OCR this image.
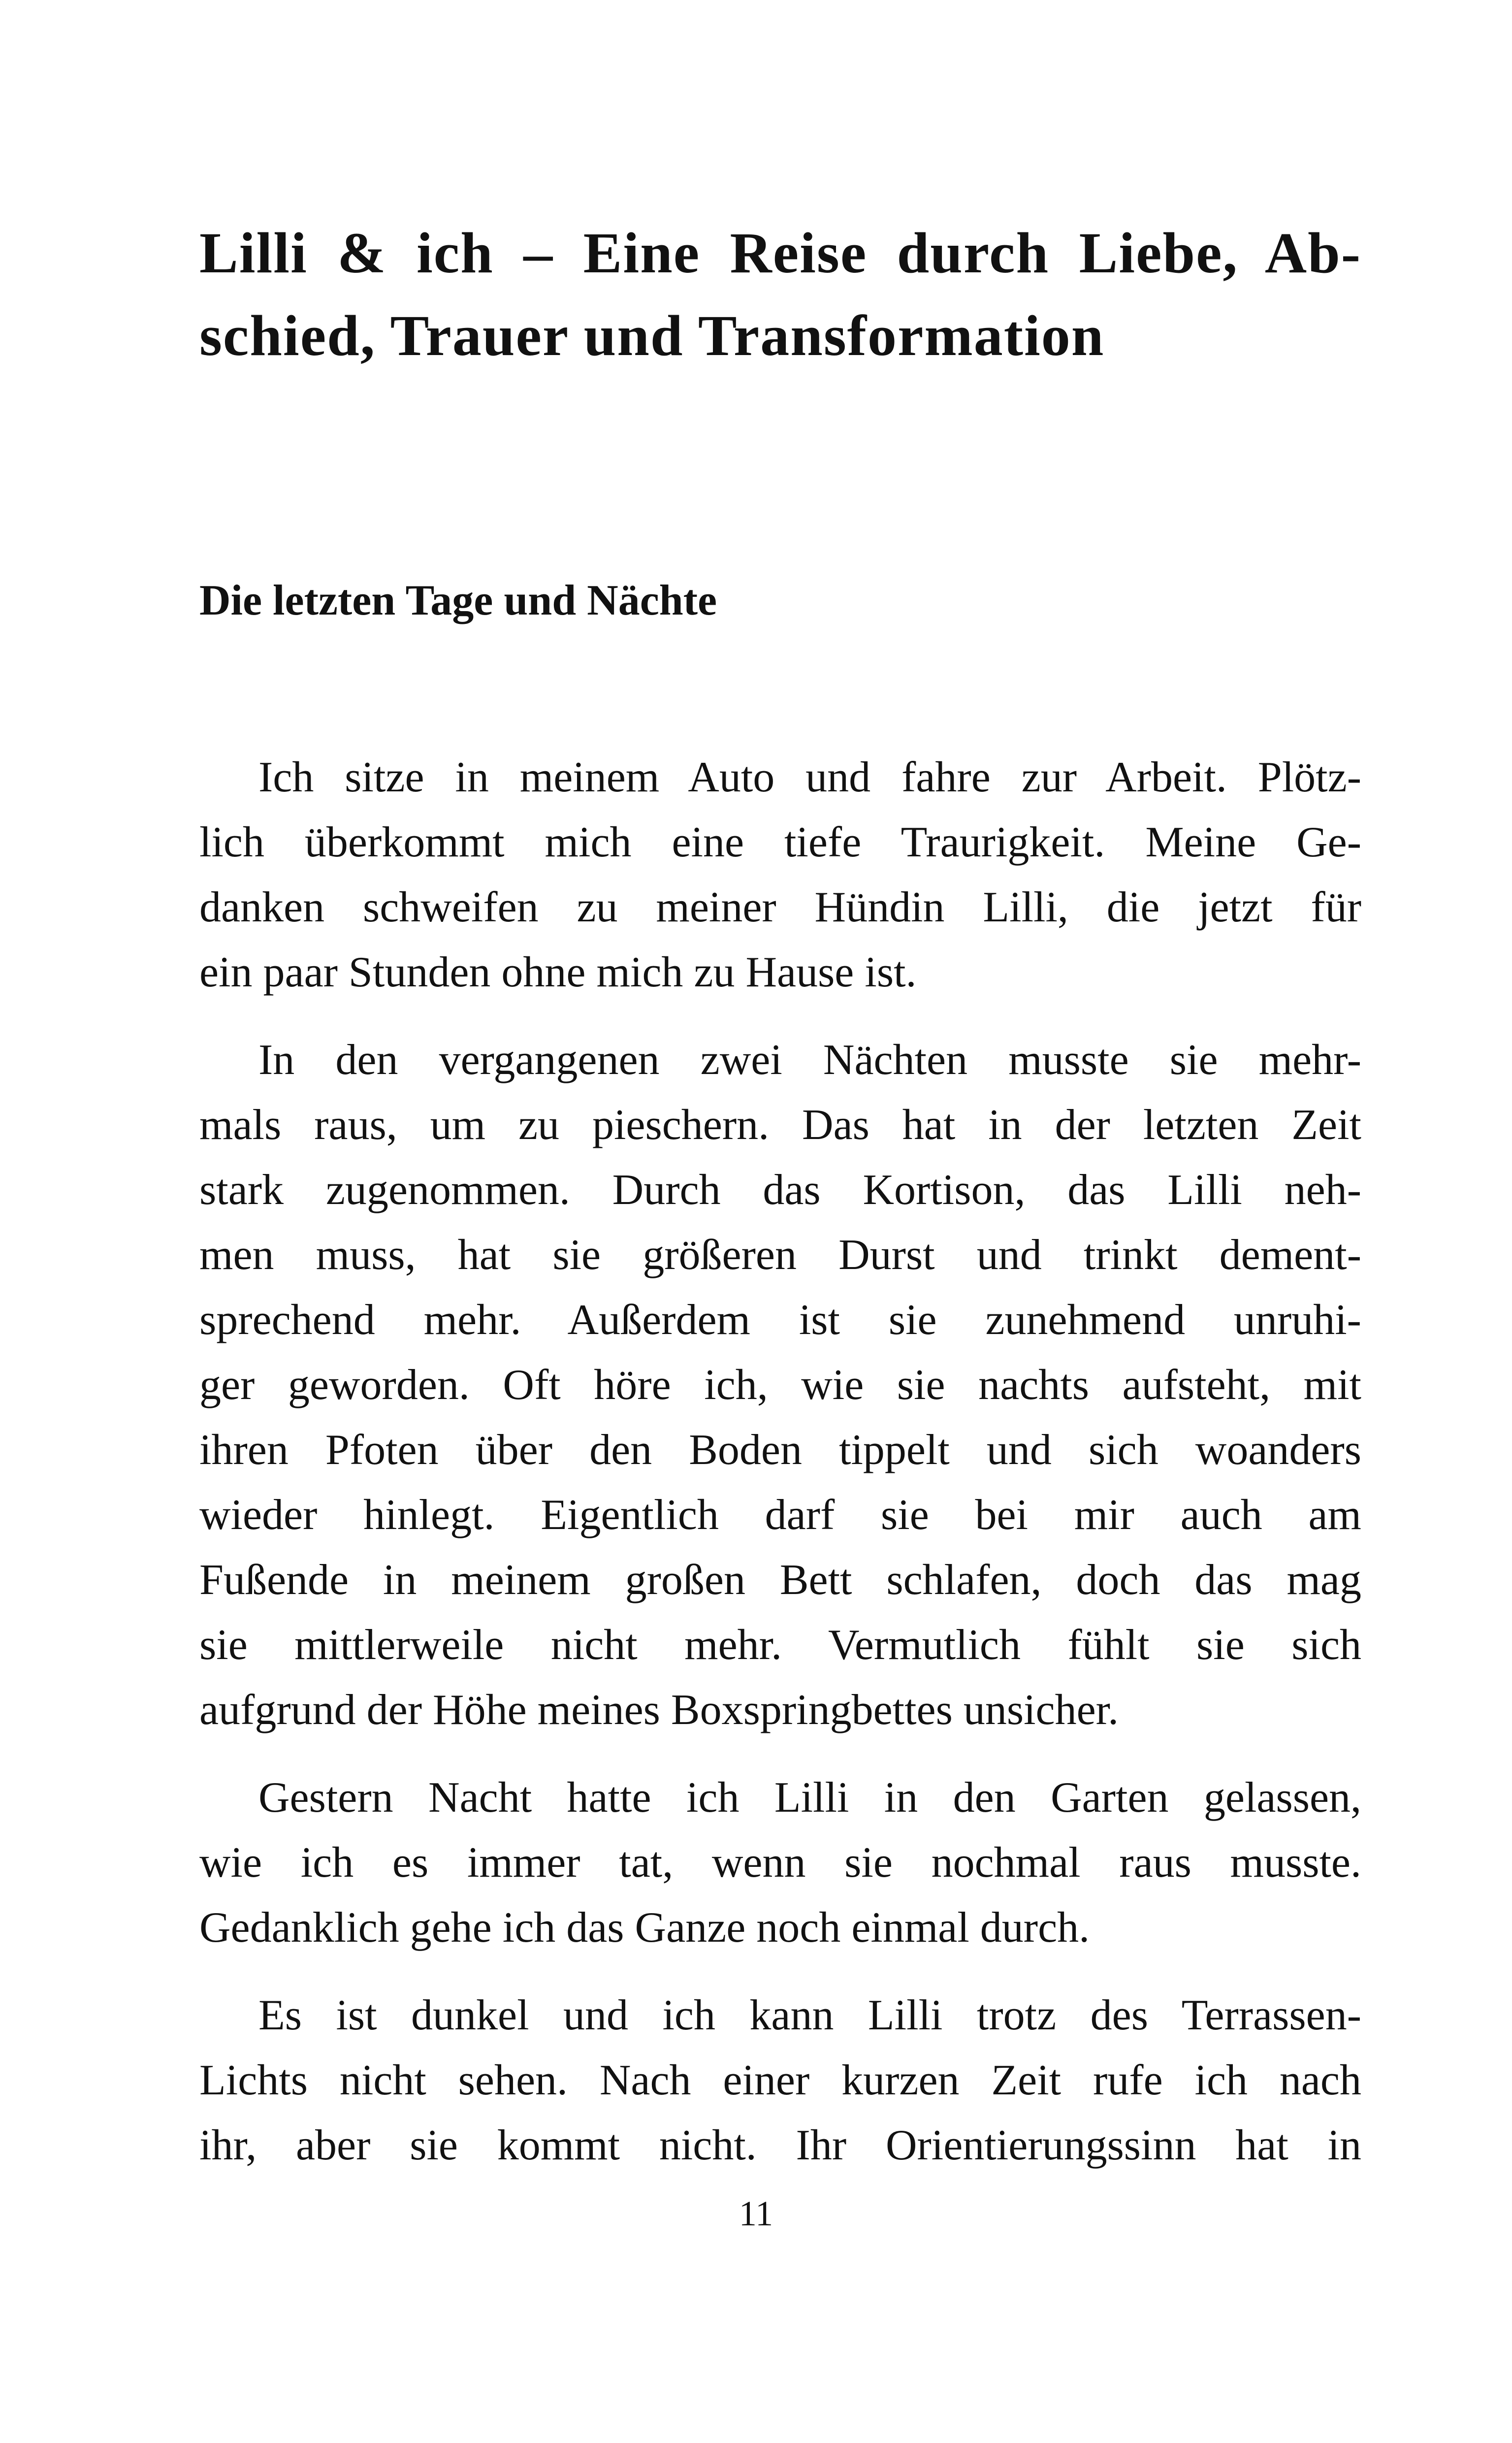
Lilli & ich – Eine Reise durch Liebe, Ab-
schied, Trauer und Transformation
Die letzten Tage und Nächte

Ich sitze in meinem Auto und fahre zur Arbeit. Plötz-
lich überkommt mich eine tiefe Traurigkeit. Meine Ge-
danken schweifen zu meiner Hündin Lilli, die jetzt für
ein paar Stunden ohne mich zu Hause ist.

In den vergangenen zwei Nächten musste sie mehr-
mals raus, um zu pieschern. Das hat in der letzten Zeit
stark zugenommen. Durch das Kortison, das Lilli neh-
men muss, hat sie größeren Durst und trinkt dement-
sprechend mehr. Außerdem ist sie zunehmend unruhi-
ger geworden. Oft höre ich, wie sie nachts aufsteht, mit
ihren Pfoten über den Boden tippelt und sich woanders
wieder hinlegt. Eigentlich darf sie bei mir auch am
Fußende in meinem großen Bett schlafen, doch das mag
sie mittlerweile nicht mehr. Vermutlich fühlt sie sich
aufgrund der Höhe meines Boxspringbettes unsicher.

Gestern Nacht hatte ich Lilli in den Garten gelassen,
wie ich es immer tat, wenn sie nochmal raus musste.
Gedanklich gehe ich das Ganze noch einmal durch.

Es ist dunkel und ich kann Lilli trotz des Terrassen-
Lichts nicht sehen. Nach einer kurzen Zeit rufe ich nach
ihr, aber sie kommt nicht. Ihr Orientierungssinn hat in

11
